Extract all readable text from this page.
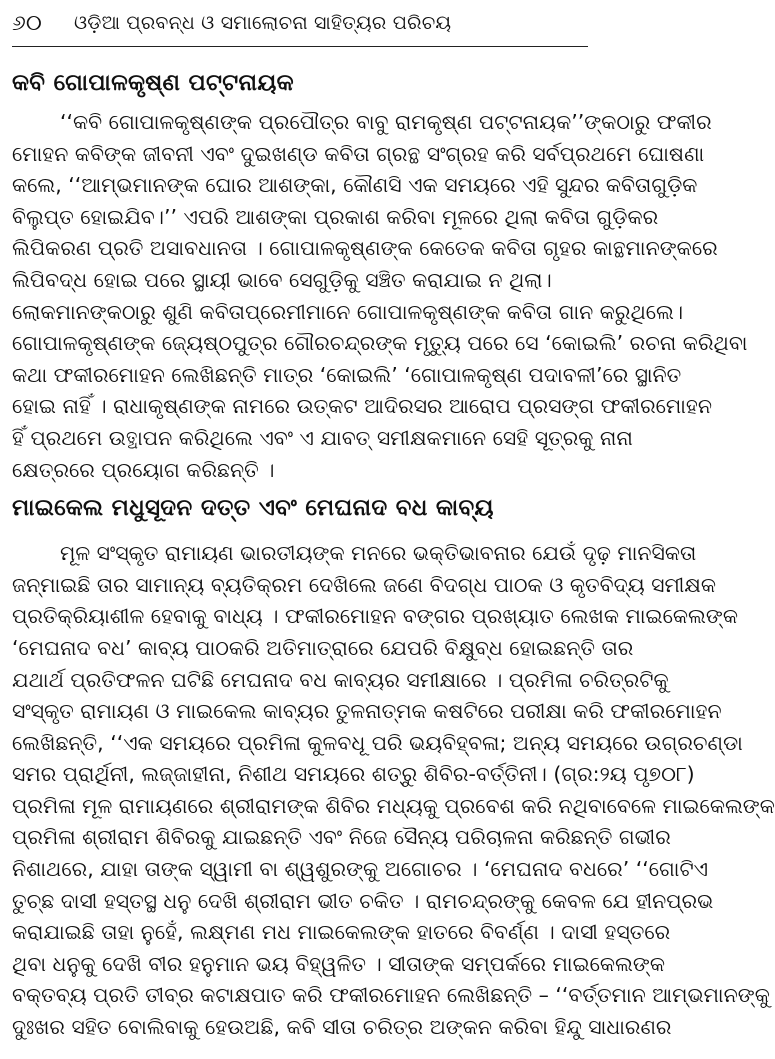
୬୦ ଓଡ଼ିଆ ପ୍ରବନ୍ଧ ଓ ସମାଲୋଚନା ସାହିତ୍ୟର ପରିଚୟ
କବି ଗୋପାଳକୃଷ୍ଣ ପଟ୍ଟନାୟକ

‘‘କବି ଗୋପାଳକୃଷ୍ଣଙ୍କ ପ୍ରପୌତ୍ର ବାବୁ ରାମକୃଷ୍ଣ ପଟ୍ଟନାୟକ’’ଙ୍କଠାରୁ ଫକୀର
ମୋହନ କବିଙ୍କ ଜୀବନୀ ଏବଂ ଦୁଇଖଣ୍ଡ କବିତା ଗ୍ରନ୍ଥ ସଂଗ୍ରହ କରି ସର୍ବପ୍ରଥମେ ଘୋଷଣା
କଲେ, ‘‘ଆମ୍ଭମାନଙ୍କ ଘୋର ଆଶଙ୍କା, କୌଣସି ଏକ ସମୟରେ ଏହି ସୁନ୍ଦର କବିତାଗୁଡ଼ିକ
ବିଲୁପ୍ତ ହୋଇଯିବ।’’ ଏପରି ଆଶଙ୍କା ପ୍ରକାଶ କରିବା ମୂଳରେ ଥିଲା କବିତା ଗୁଡ଼ିକର
ଲିପିକରଣ ପ୍ରତି ଅସାବଧାନତା । ଗୋପାଳକୃଷ୍ଣଙ୍କ କେତେକ କବିତା ଗୃହର କାନ୍ଥମାନଙ୍କରେ
ଲିପିବଦ୍ଧ ହୋଇ ପରେ ସ୍ଥାୟୀ ଭାବେ ସେଗୁଡ଼ିକୁ ସଞ୍ଚିତ କରାଯାଇ ନ ଥିଲା।
ଲୋକମାନଙ୍କଠାରୁ ଶୁଣି କବିତାପ୍ରେମୀମାନେ ଗୋପାଳକୃଷ୍ଣଙ୍କ କବିତା ଗାନ କରୁଥିଲେ।
ଗୋପାଳକୃଷ୍ଣଙ୍କ ଜ୍ୟେଷ୍ଠପୁତ୍ର ଗୌରଚନ୍ଦ୍ରଙ୍କ ମୃତ୍ୟୁ ପରେ ସେ ‘କୋଇଲି’ ରଚନା କରିଥିବା
କଥା ଫକୀରମୋହନ ଲେଖିଛନ୍ତି ମାତ୍ର ‘କୋଇଲି’ ‘ଗୋପାଳକୃଷ୍ଣ ପଦାବଳୀ’ରେ ସ୍ଥାନିତ
ହୋଇ ନାହିଁ । ରାଧାକୃଷ୍ଣଙ୍କ ନାମରେ ଉତ୍କଟ ଆଦିରସର ଆରୋପ ପ୍ରସଙ୍ଗ ଫକୀରମୋହନ
ହିଁ ପ୍ରଥମେ ଉତ୍ଥାପନ କରିଥିଲେ ଏବଂ ଏ ଯାବତ୍ ସମୀକ୍ଷକମାନେ ସେହି ସୂତ୍ରକୁ ନାନା
କ୍ଷେତ୍ରରେ ପ୍ରୟୋଗ କରିଛନ୍ତି ।

ମାଇକେଲ ମଧୁସୂଦନ ଦତ୍ତ ଏବଂ ମେଘନାଦ ବଧ କାବ୍ୟ

ମୂଳ ସଂସ୍କୃତ ରାମାୟଣ ଭାରତୀୟଙ୍କ ମନରେ ଭକ୍ତିଭାବନାର ଯେଉଁ ଦୃଢ଼ ମାନସିକତା
ଜନ୍ମାଇଛି ତାର ସାମାନ୍ୟ ବ୍ୟତିକ୍ରମ ଦେଖିଲେ ଜଣେ ବିଦଗ୍ଧ ପାଠକ ଓ କୃତବିଦ୍ୟ ସମୀକ୍ଷକ
ପ୍ରତିକ୍ରିୟାଶୀଳ ହେବାକୁ ବାଧ୍ୟ । ଫକୀରମୋହନ ବଙ୍ଗର ପ୍ରଖ୍ୟାତ ଲେଖକ ମାଇକେଲଙ୍କ
‘ମେଘନାଦ ବଧ’ କାବ୍ୟ ପାଠକରି ଅତିମାତ୍ରାରେ ଯେପରି ବିକ୍ଷୁବ୍ଧ ହୋଇଛନ୍ତି ତାର
ଯଥାର୍ଥ ପ୍ରତିଫଳନ ଘଟିଛି ମେଘନାଦ ବଧ କାବ୍ୟର ସମୀକ୍ଷାରେ । ପ୍ରମିଳା ଚରିତ୍ରଟିକୁ
ସଂସ୍କୃତ ରାମାୟଣ ଓ ମାଇକେଲ କାବ୍ୟର ତୁଳନାତ୍ମକ କଷଟିରେ ପରୀକ୍ଷା କରି ଫକୀରମୋହନ
ଲେଖିଛନ୍ତି, ‘‘ଏକ ସମୟରେ ପ୍ରମିଳା କୁଳବଧୂ ପରି ଭୟବିହ୍ବଳା; ଅନ୍ୟ ସମୟରେ ଉଗ୍ରଚଣ୍ଡା
ସମର ପ୍ରାର୍ଥିନୀ, ଲଜ୍ଜାହୀନା, ନିଶୀଥ ସମୟରେ ଶତ୍ରୁ ଶିବିର-ବର୍ତ୍ତିନୀ। (ଗ୍ର:୨ୟ ପୃ୭୦୮)
ପ୍ରମିଳା ମୂଳ ରାମାୟଣରେ ଶ୍ରୀରାମଙ୍କ ଶିବିର ମଧ୍ୟକୁ ପ୍ରବେଶ କରି ନଥିବାବେଳେ ମାଇକେଲଙ୍କ
ପ୍ରମିଳା ଶ୍ରୀରାମ ଶିବିରକୁ ଯାଇଛନ୍ତି ଏବଂ ନିଜେ ସୈନ୍ୟ ପରିଚାଳନା କରିଛନ୍ତି ଗଭୀର
ନିଶାଥରେ, ଯାହା ତାଙ୍କ ସ୍ୱାମୀ ବା ଶ୍ୱଶୁରଙ୍କୁ ଅଗୋଚର । ‘ମେଘନାଦ ବଧରେ’ ‘‘ଗୋଟିଏ
ତୁଚ୍ଛ ଦାସୀ ହସ୍ତସ୍ଥ ଧନୁ ଦେଖି ଶ୍ରୀରାମ ଭୀତ ଚକିତ । ରାମଚନ୍ଦ୍ରଙ୍କୁ କେବଳ ଯେ ହୀନପ୍ରଭ
କରାଯାଇଛି ତାହା ନୁହେଁ, ଲକ୍ଷ୍ମଣ ମଧ ମାଇକେଲଙ୍କ ହାତରେ ବିବର୍ଣ୍ଣ । ଦାସୀ ହସ୍ତରେ
ଥିବା ଧନୁକୁ ଦେଖି ବୀର ହନୁମାନ ଭୟ ବିହ୍ୱଳିତ । ସୀତାଙ୍କ ସମ୍ପର୍କରେ ମାଇକେଲଙ୍କ
ବକ୍ତବ୍ୟ ପ୍ରତି ତୀବ୍ର କଟାକ୍ଷପାତ କରି ଫକୀରମୋହନ ଲେଖିଛନ୍ତି – ‘‘ବର୍ତ୍ତମାନ ଆମ୍ଭମାନଙ୍କୁ
ଦୁଃଖର ସହିତ ବୋଲିବାକୁ ହେଉଅଛି, କବି ସୀତା ଚରିତ୍ର ଅଙ୍କନ କରିବା ହିନ୍ଦୁ ସାଧାରଣର
